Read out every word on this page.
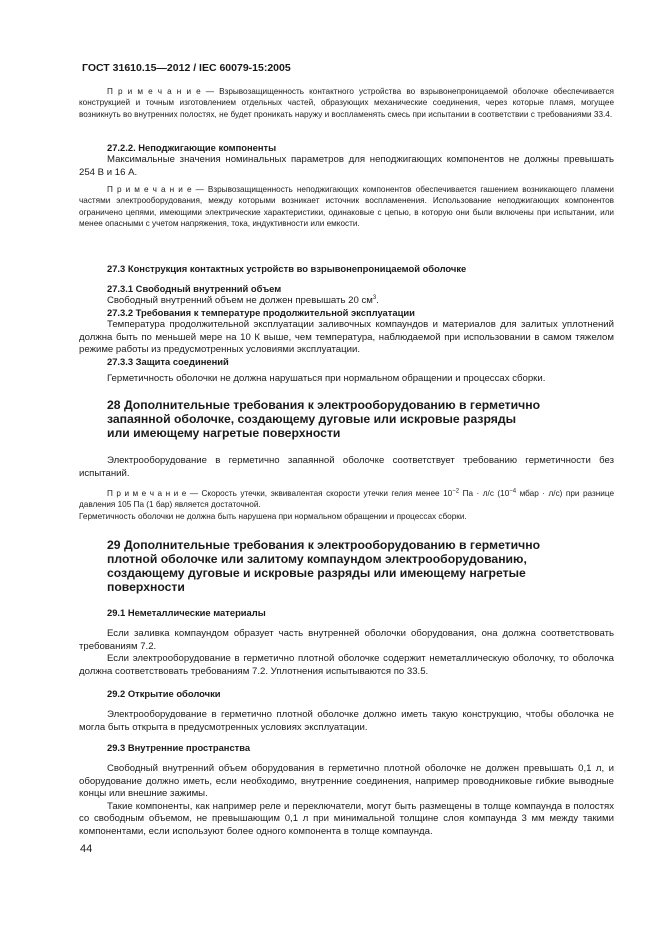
ГОСТ 31610.15—2012 / IEC 60079-15:2005

П р и м е ч а н и е — Взрывозащищенность контактного устройства во взрывонепроницаемой оболочке обеспечивается конструкцией и точным изготовлением отдельных частей, образующих механические соединения, через которые пламя, могущее возникнуть во внутренних полостях, не будет проникать наружу и воспламенять смесь при испытании в соответствии с требованиями 33.4.

27.2.2. Неподжигающие компоненты

Максимальные значения номинальных параметров для неподжигающих компонентов не должны превышать 254 В и 16 А.

П р и м е ч а н и е — Взрывозащищенность неподжигающих компонентов обеспечивается гашением возникающего пламени частями электрооборудования, между которыми возникает источник воспламенения. Использование неподжигающих компонентов ограничено цепями, имеющими электрические характеристики, одинаковые с цепью, в которую они были включены при испытании, или менее опасными с учетом напряжения, тока, индуктивности или емкости.

27.3 Конструкция контактных устройств во взрывонепроницаемой оболочке

27.3.1 Свободный внутренний объем

Свободный внутренний объем не должен превышать 20 $см^3$.

27.3.2 Требования к температуре продолжительной эксплуатации

Температура продолжительной эксплуатации заливочных компаундов и материалов для залитых уплотнений должна быть по меньшей мере на 10 К выше, чем температура, наблюдаемой при использовании в самом тяжелом режиме работы из предусмотренных условиями эксплуатации.

27.3.3 Защита соединений

Герметичность оболочки не должна нарушаться при нормальном обращении и процессах сборки.

28 Дополнительные требования к электрооборудованию в герметично

запаянной оболочке, создающему дуговые или искровые разряды

или имеющему нагретые поверхности

Электрооборудование в герметично запаянной оболочке соответствует требованию герметичности без испытаний.

П р и м е ч а н и е — Скорость утечки, эквивалентая скорости утечки гелия менее $10^{-2}$ Па · л/с ($10^{-4}$ мбар · л/с) при разнице давления 105 Па (1 бар) является достаточной.

Герметичность оболочки не должна быть нарушена при нормальном обращении и процессах сборки.

29 Дополнительные требования к электрооборудованию в герметично

плотной оболочке или залитому компаундом электрооборудованию,

создающему дуговые и искровые разряды или имеющему нагретые

поверхности

29.1 Неметаллические материалы

Если заливка компаундом образует часть внутренней оболочки оборудования, она должна соответствовать требованиям 7.2.

Если электрооборудование в герметично плотной оболочке содержит неметаллическую оболочку, то оболочка должна соответствовать требованиям 7.2. Уплотнения испытываются по 33.5.

29.2 Открытие оболочки

Электрооборудование в герметично плотной оболочке должно иметь такую конструкцию, чтобы оболочка не могла быть открыта в предусмотренных условиях эксплуатации.

29.3 Внутренние пространства

Свободный внутренний объем оборудования в герметично плотной оболочке не должен превышать 0,1 л, и оборудование должно иметь, если необходимо, внутренние соединения, например проводниковые гибкие выводные концы или внешние зажимы.

Такие компоненты, как например реле и переключатели, могут быть размещены в толще компаунда в полостях со свободным объемом, не превышающим 0,1 л при минимальной толщине слоя компаунда 3 мм между такими компонентами, если используют более одного компонента в толще компаунда.

44
